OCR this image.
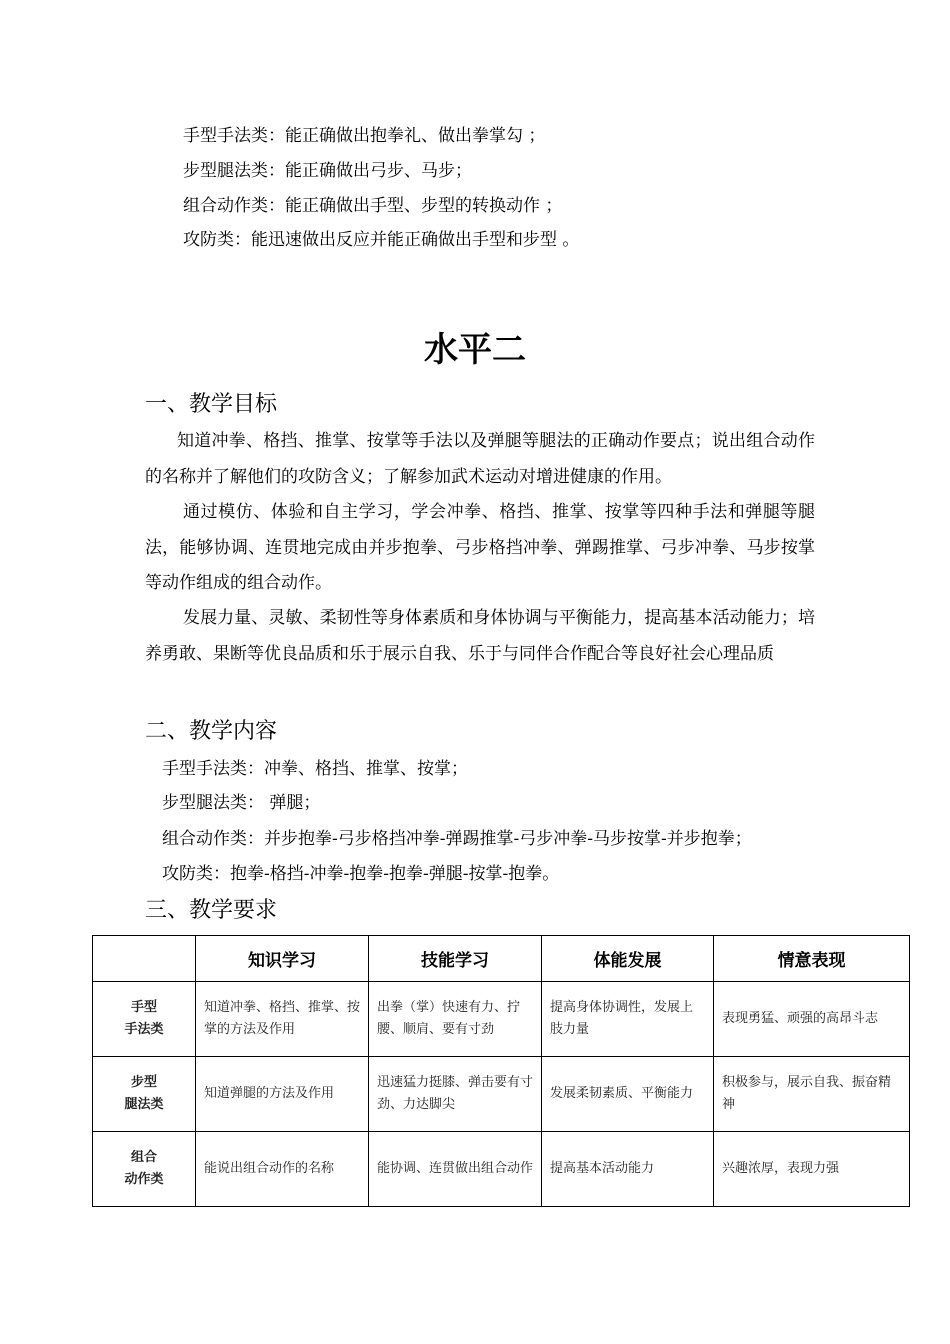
手型手法类：能正确做出抱拳礼、做出拳掌勾 ；
步型腿法类：能正确做出弓步、马步；
组合动作类：能正确做出手型、步型的转换动作 ；
攻防类：能迅速做出反应并能正确做出手型和步型 。
水平二
一、教学目标

知道冲拳、格挡、推掌、按掌等手法以及弹腿等腿法的正确动作要点；说出组合动作的名称并了解他们的攻防含义；了解参加武术运动对增进健康的作用。

通过模仿、体验和自主学习，学会冲拳、格挡、推掌、按掌等四种手法和弹腿等腿法，能够协调、连贯地完成由并步抱拳、弓步格挡冲拳、弹踢推掌、弓步冲拳、马步按掌等动作组成的组合动作。

发展力量、灵敏、柔韧性等身体素质和身体协调与平衡能力，提高基本活动能力；培养勇敢、果断等优良品质和乐于展示自我、乐于与同伴合作配合等良好社会心理品质

二、教学内容
手型手法类：冲拳、格挡、推掌、按掌；
步型腿法类： 弹腿；
组合动作类：并步抱拳-弓步格挡冲拳-弹踢推掌-弓步冲拳-马步按掌-并步抱拳；
攻防类：抱拳-格挡-冲拳-抱拳-抱拳-弹腿-按掌-抱拳。
三、教学要求
	知识学习	技能学习	体能发展	情意表现

手型
手法类	知道冲拳、格挡、推掌、按掌的方法及作用	出拳（掌）快速有力、拧腰、顺肩、要有寸劲	提高身体协调性，发展上肢力量	表现勇猛、顽强的高昂斗志

步型
腿法类	知道弹腿的方法及作用	迅速猛力挺膝、弹击要有寸劲、力达脚尖	发展柔韧素质、平衡能力	积极参与，展示自我、振奋精神

组合
动作类	能说出组合动作的名称	能协调、连贯做出组合动作	提高基本活动能力	兴趣浓厚，表现力强
